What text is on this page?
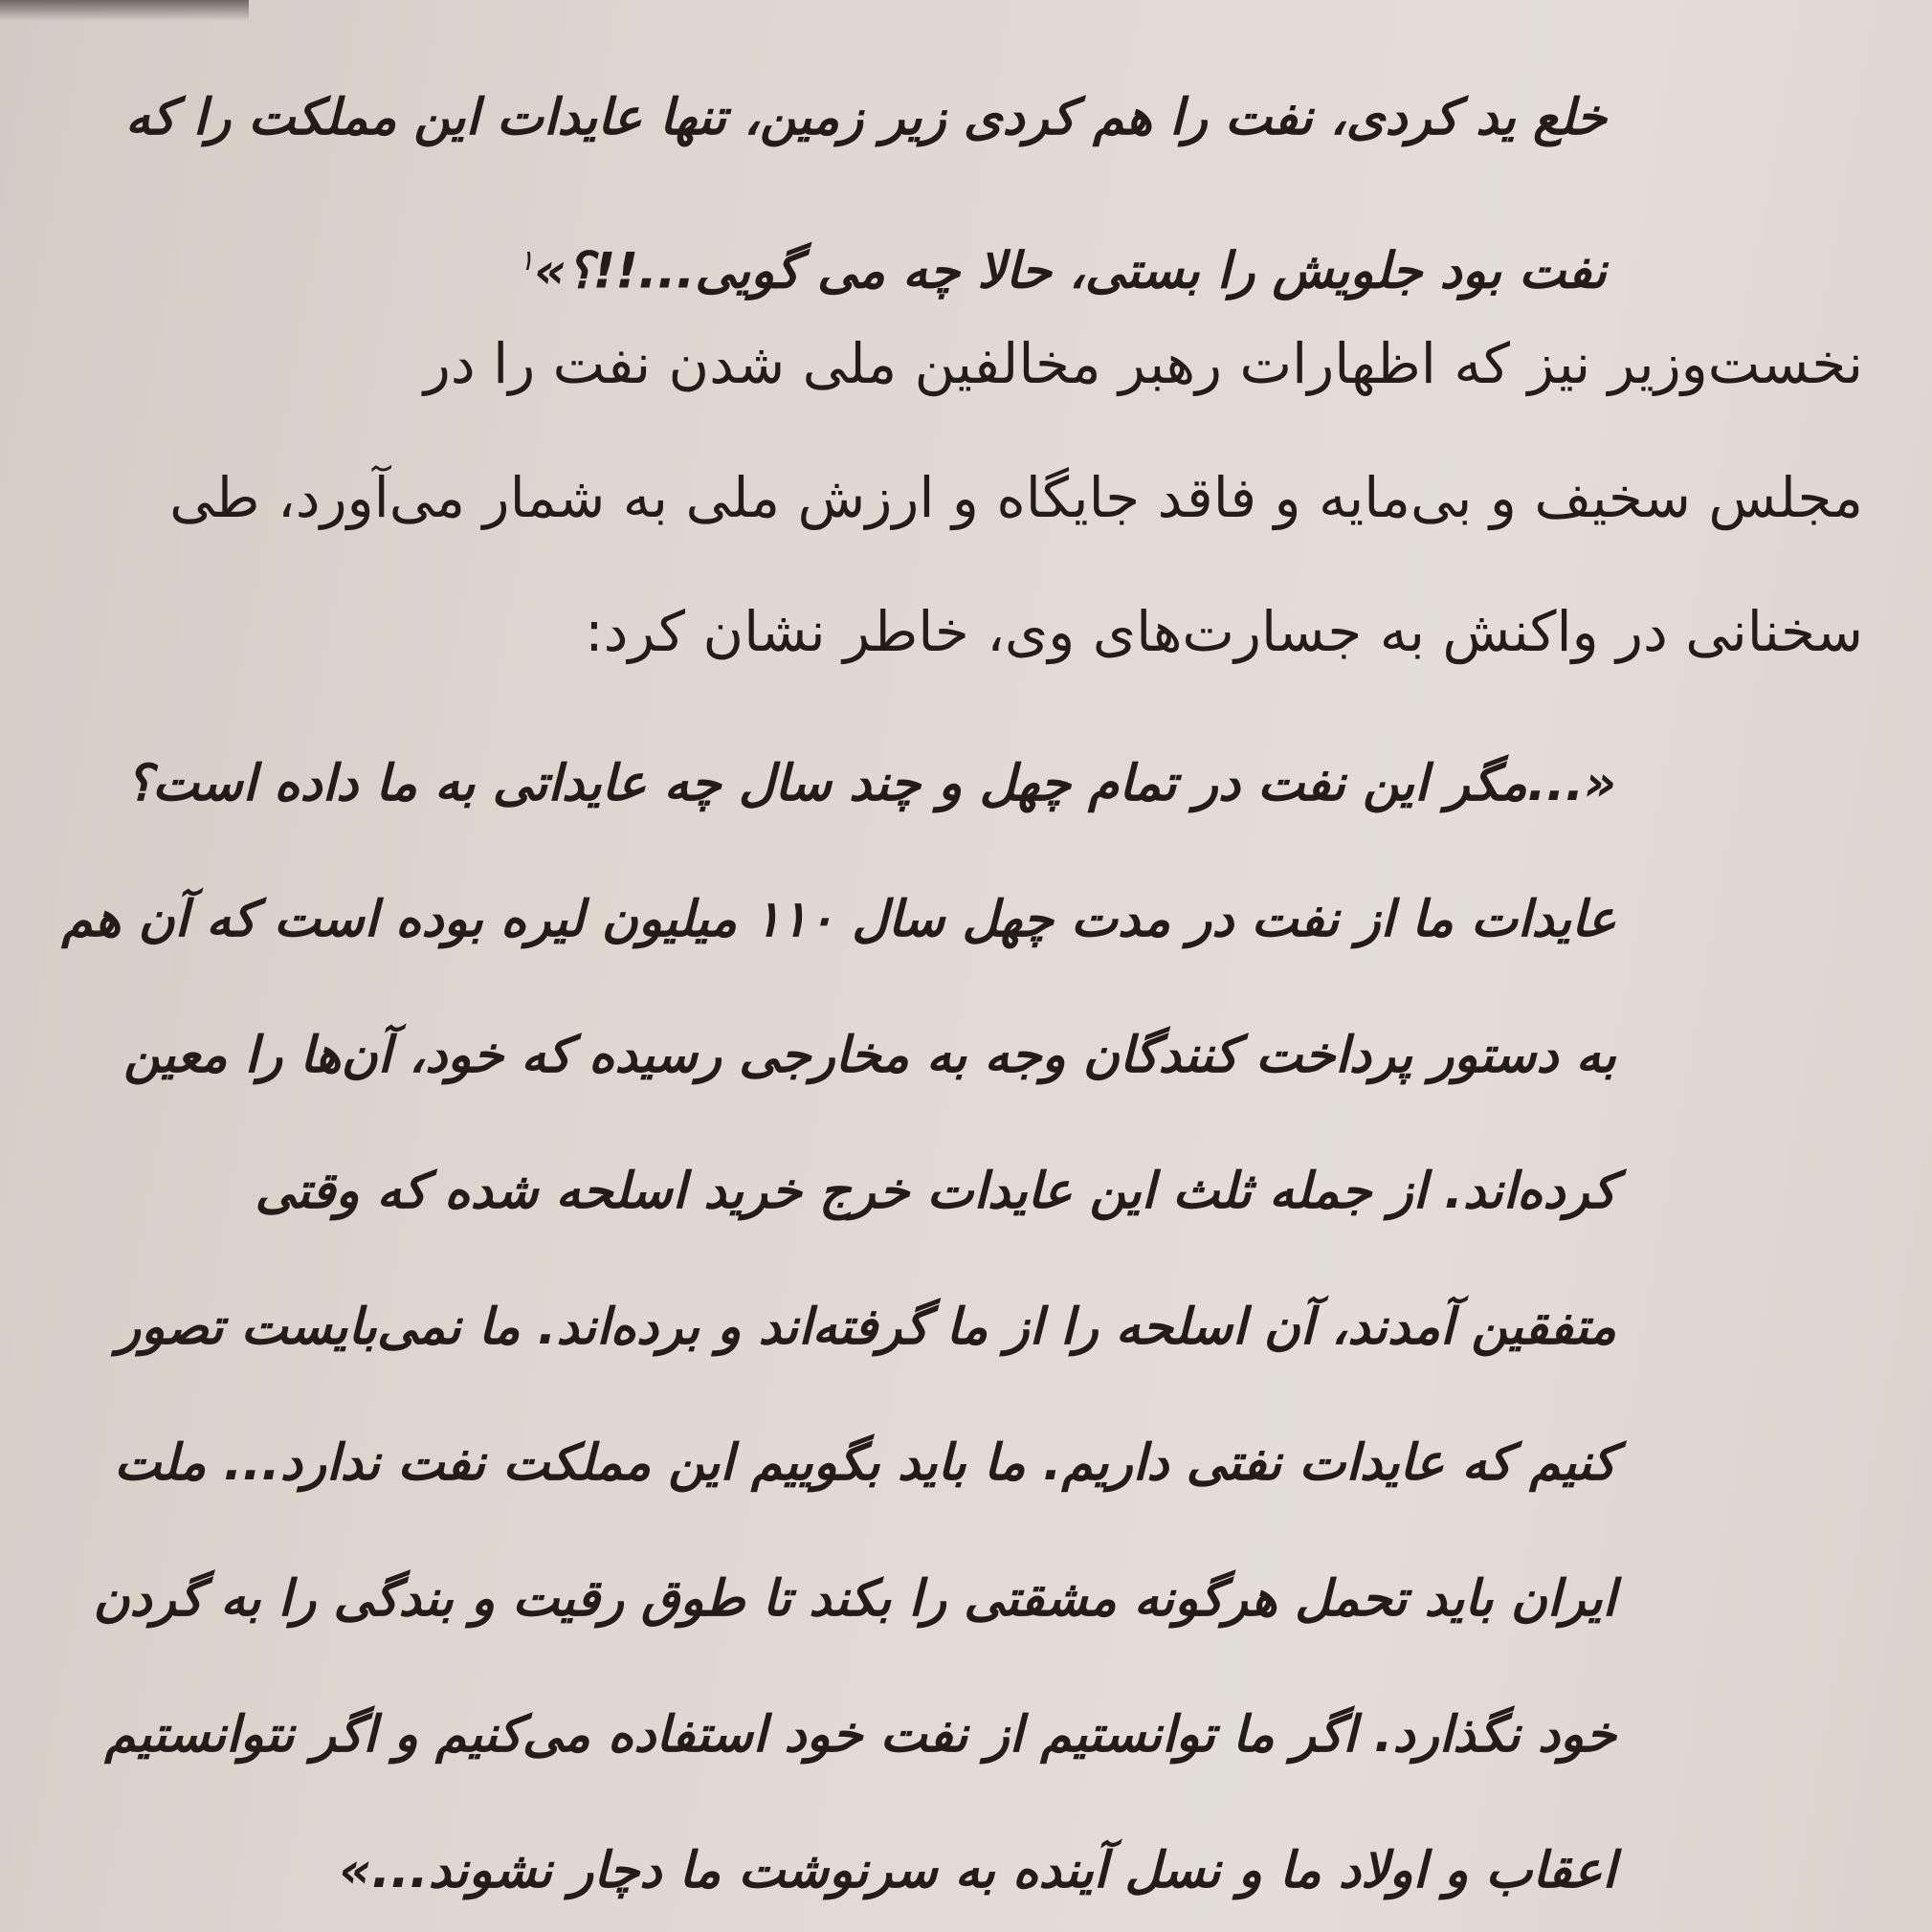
خلع ید کردی، نفت را هم کردی زیر زمین، تنها عایدات این مملکت را که
نفت بود جلویش را بستی، حالا چه می گویی...!!؟»$^١$
نخست‌وزیر نیز که اظهارات رهبر مخالفین ملی شدن نفت را در
مجلس سخیف و بی‌مایه و فاقد جایگاه و ارزش ملی به شمار می‌آورد، طی
سخنانی در واکنش به جسارت‌های وی، خاطر نشان کرد:
«...مگر این نفت در تمام چهل و چند سال چه عایداتی به ما داده است؟
عایدات ما از نفت در مدت چهل سال ١١٠ میلیون لیره بوده است که آن هم
به دستور پرداخت کنندگان وجه به مخارجی رسیده که خود، آن‌ها را معین
کرده‌اند. از جمله ثلث این عایدات خرج خرید اسلحه شده که وقتی
متفقین آمدند، آن اسلحه را از ما گرفته‌اند و برده‌اند. ما نمی‌بایست تصور
کنیم که عایدات نفتی داریم. ما باید بگوییم این مملکت نفت ندارد... ملت
ایران باید تحمل هرگونه مشقتی را بکند تا طوق رقیت و بندگی را به گردن
خود نگذارد. اگر ما توانستیم از نفت خود استفاده می‌کنیم و اگر نتوانستیم
اعقاب و اولاد ما و نسل آینده به سرنوشت ما دچار نشوند...»
